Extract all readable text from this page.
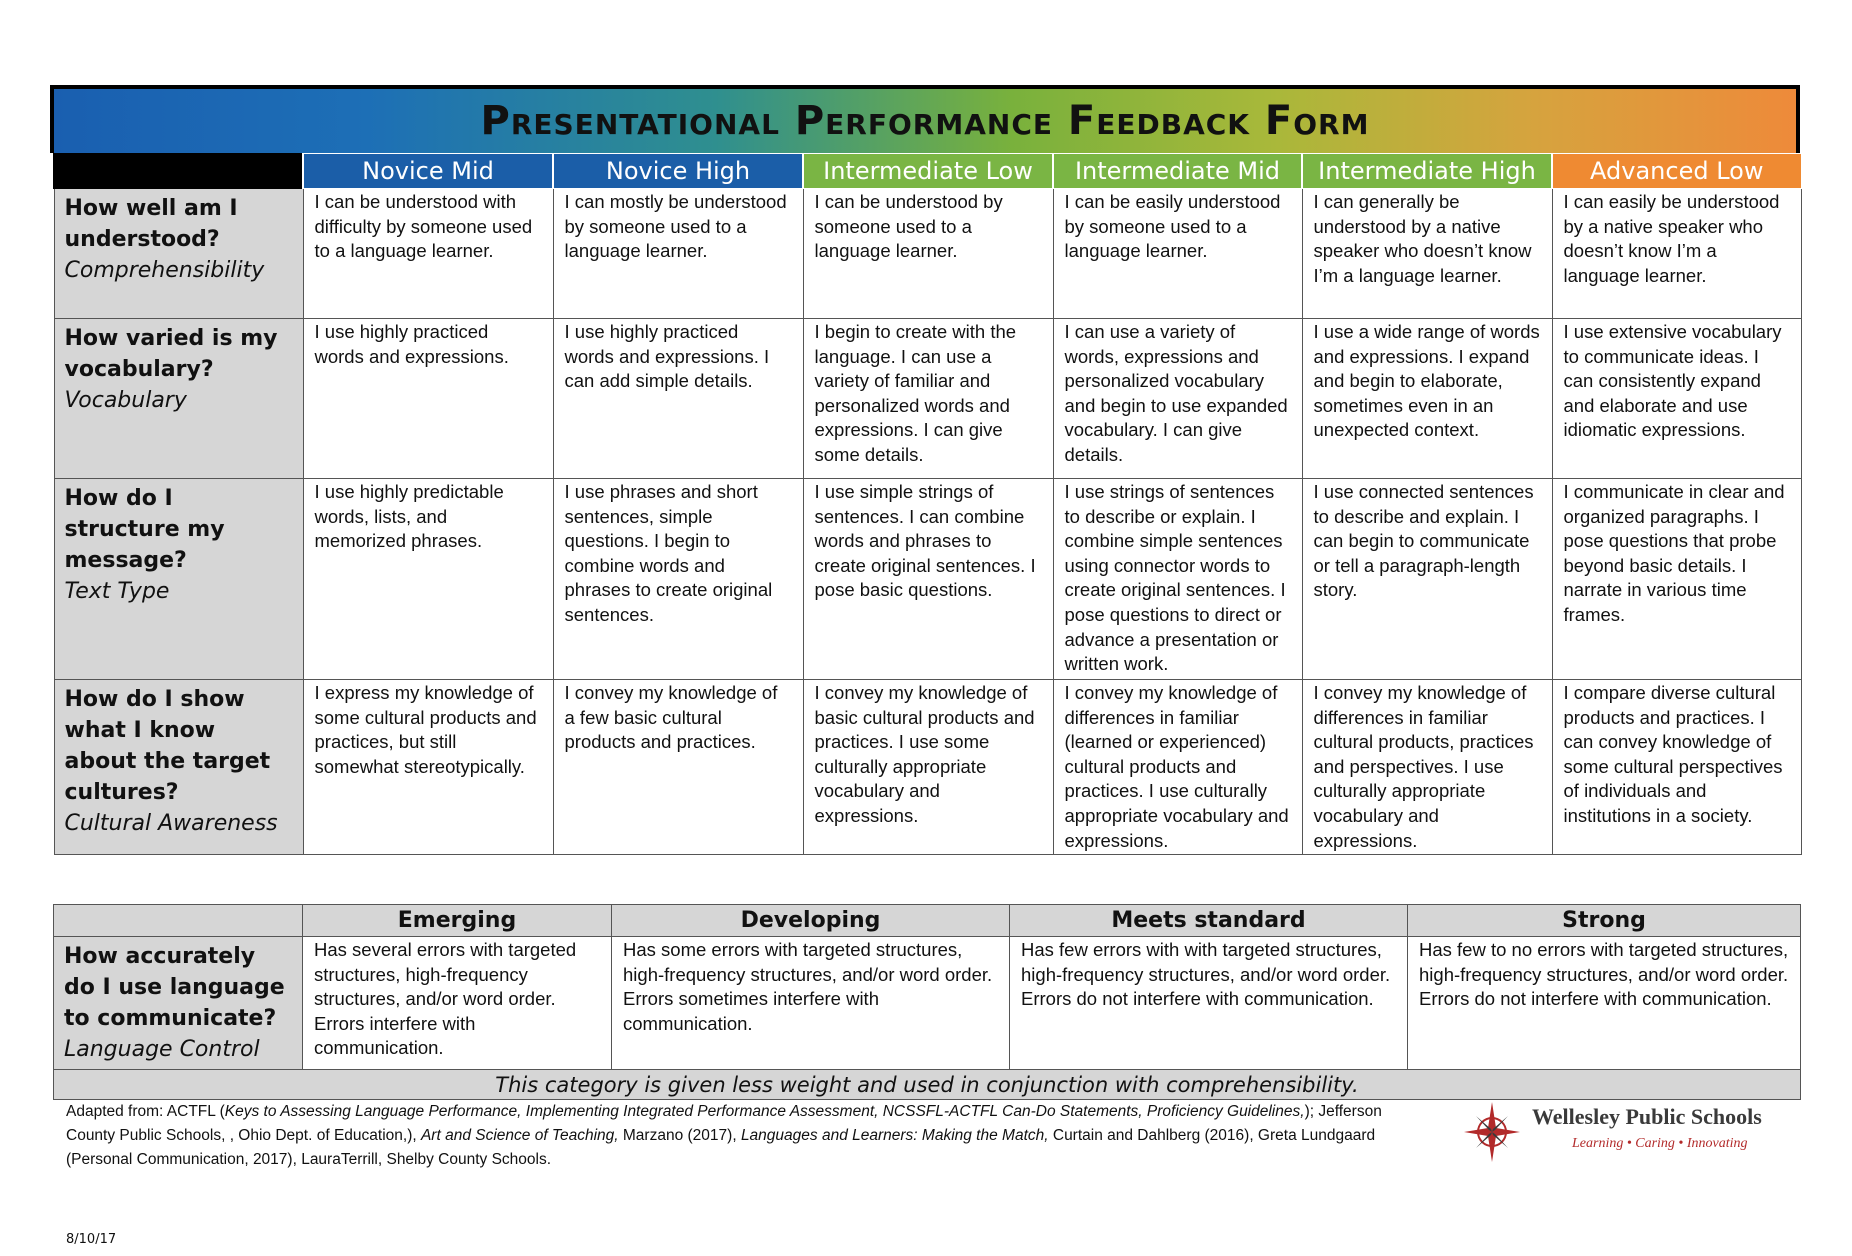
Presentational Performance Feedback Form
	Novice Mid	Novice High	Intermediate Low	Intermediate Mid	Intermediate High	Advanced Low

How well am I understood?
Comprehensibility	I can be understood with difficulty by someone used to a language learner.	I can mostly be understood by someone used to a language learner.	I can be understood by someone used to a language learner.	I can be easily understood by someone used to a language learner.	I can generally be understood by a native speaker who doesn’t know I’m a language learner.	I can easily be understood by a native speaker who doesn’t know I’m a language learner.

How varied is my vocabulary?
Vocabulary	I use highly practiced words and expressions.	I use highly practiced words and expressions. I can add simple details.	I begin to create with the language. I can use a variety of familiar and personalized words and expressions. I can give some details.	I can use a variety of words, expressions and personalized vocabulary and begin to use expanded vocabulary. I can give details.	I use a wide range of words and expressions. I expand and begin to elaborate, sometimes even in an unexpected context.	I use extensive vocabulary to communicate ideas. I can consistently expand and elaborate and use idiomatic expressions.

How do I structure my message?
Text Type	I use highly predictable words, lists, and memorized phrases.	I use phrases and short sentences, simple questions. I begin to combine words and phrases to create original sentences.	I use simple strings of sentences. I can combine words and phrases to create original sentences. I pose basic questions.	I use strings of sentences to describe or explain. I combine simple sentences using connector words to create original sentences. I pose questions to direct or advance a presentation or written work.	I use connected sentences to describe and explain. I can begin to communicate or tell a paragraph-length story.	I communicate in clear and organized paragraphs. I pose questions that probe beyond basic details. I narrate in various time frames.

How do I show what I know about the target cultures?
Cultural Awareness	I express my knowledge of some cultural products and practices, but still somewhat stereotypically.	I convey my knowledge of a few basic cultural products and practices.	I convey my knowledge of basic cultural products and practices. I use some culturally appropriate vocabulary and expressions.	I convey my knowledge of differences in familiar (learned or experienced) cultural products and practices. I use culturally appropriate vocabulary and expressions.	I convey my knowledge of differences in familiar cultural products, practices and perspectives. I use culturally appropriate vocabulary and expressions.	I compare diverse cultural products and practices. I can convey knowledge of some cultural perspectives of individuals and institutions in a society.
	Emerging	Developing	Meets standard	Strong

How accurately do I use language to communicate?
Language Control	Has several errors with targeted structures, high-frequency structures, and/or word order. Errors interfere with communication.	Has some errors with targeted structures, high-frequency structures, and/or word order. Errors sometimes interfere with communication.	Has few errors with with targeted structures, high-frequency structures, and/or word order. Errors do not interfere with communication.	Has few to no errors with targeted structures, high-frequency structures, and/or word order. Errors do not interfere with communication.
This category is given less weight and used in conjunction with comprehensibility.				
Adapted from: ACTFL (Keys to Assessing Language Performance, Implementing Integrated Performance Assessment, NCSSFL-ACTFL Can-Do Statements, Proficiency Guidelines,); Jefferson County Public Schools, , Ohio Dept. of Education,), Art and Science of Teaching, Marzano (2017), Languages and Learners: Making the Match, Curtain and Dahlberg (2016), Greta Lundgaard (Personal Communication, 2017), LauraTerrill, Shelby County Schools.
Wellesley Public Schools
Learning • Caring • Innovating
8/10/17
